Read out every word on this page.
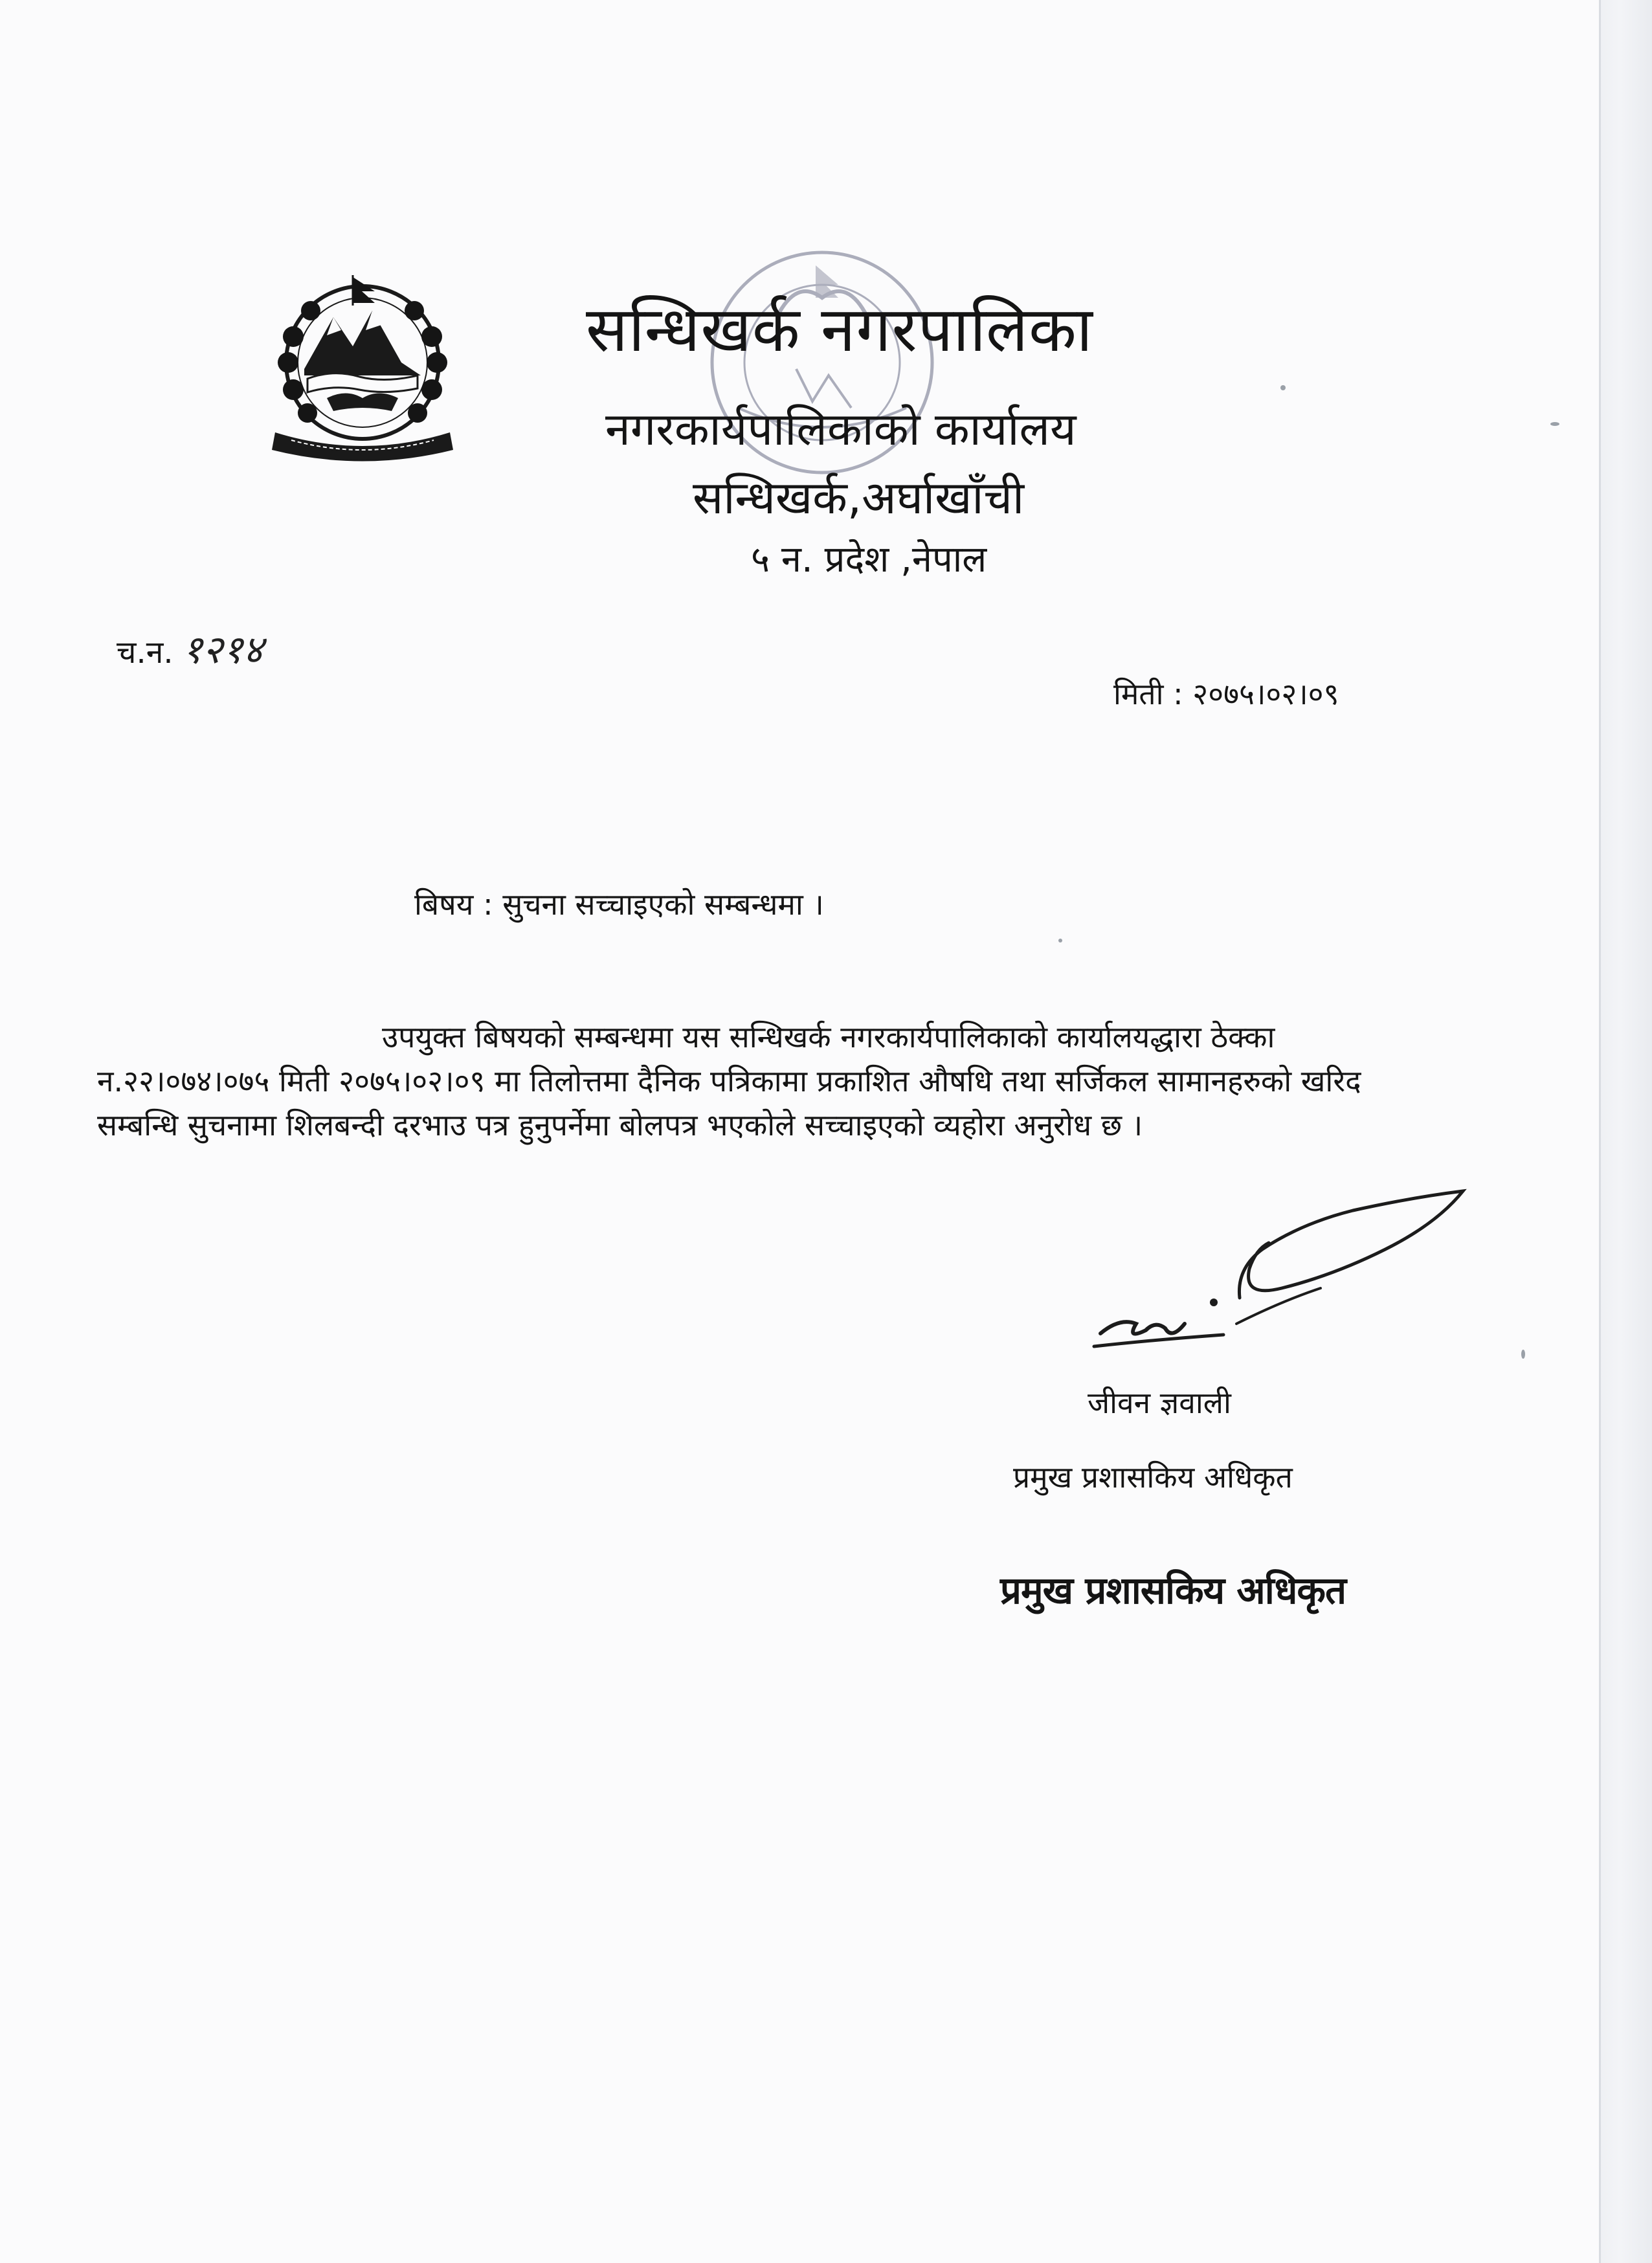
सन्धिखर्क नगरपालिका
नगरकार्यपालिकाको कार्यालय
सन्धिखर्क,अर्घाखाँची
५ न. प्रदेश ,नेपाल
च.न. १२१४
मिती : २०७५।०२।०९
बिषय : सुचना सच्चाइएको सम्बन्धमा ।
उपयुक्त बिषयको सम्बन्धमा यस सन्धिखर्क नगरकार्यपालिकाको कार्यालयद्धारा ठेक्का
न.२२।०७४।०७५ मिती २०७५।०२।०९ मा तिलोत्तमा दैनिक पत्रिकामा प्रकाशित औषधि तथा सर्जिकल सामानहरुको खरिद
सम्बन्धि सुचनामा शिलबन्दी दरभाउ पत्र हुनुपर्नेमा बोलपत्र भएकोले सच्चाइएको व्यहोरा अनुरोध छ ।
जीवन ज्ञवाली
प्रमुख प्रशासकिय अधिकृत
प्रमुख प्रशासकिय अधिकृत
